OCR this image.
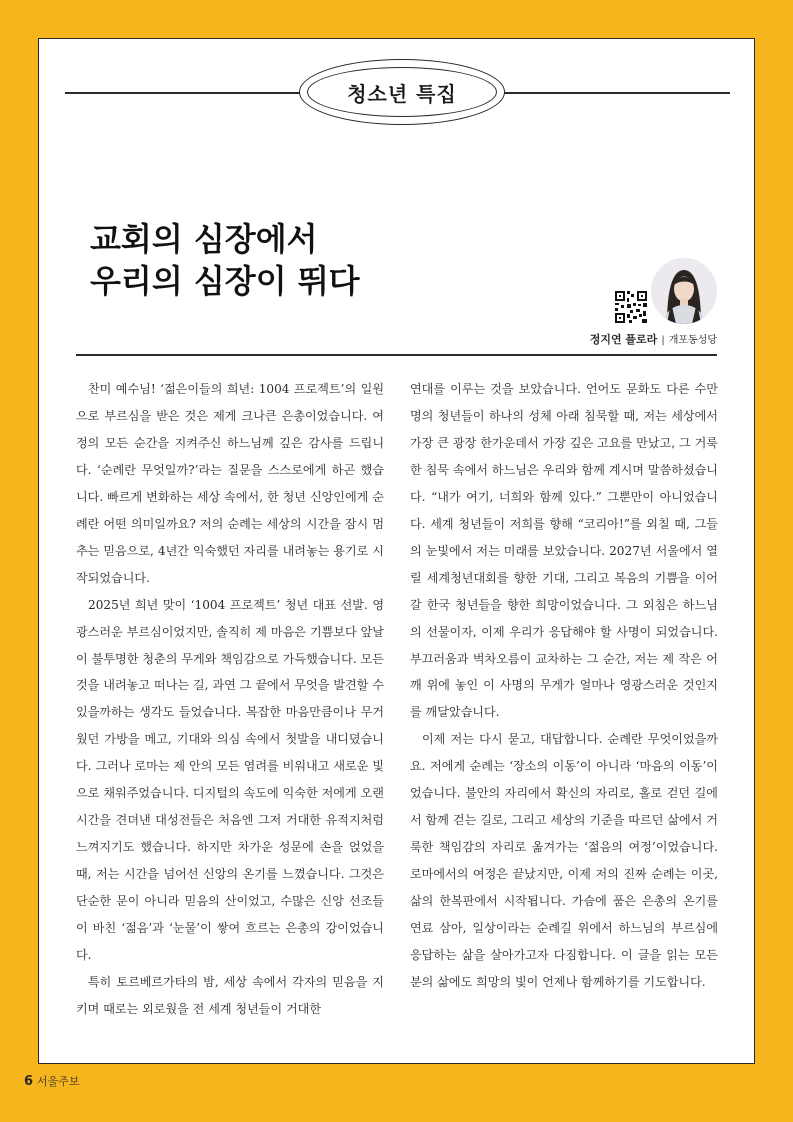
청소년 특집
교회의 심장에서
우리의 심장이 뛰다
정지연 플로라 | 개포동성당

찬미 예수님! ‘젊은이들의 희년: 1004 프로젝트’의 일원으로 부르심을 받은 것은 제게 크나큰 은총이었습니다. 여정의 모든 순간을 지켜주신 하느님께 깊은 감사를 드립니다. ‘순례란 무엇일까?’라는 질문을 스스로에게 하곤 했습니다. 빠르게 변화하는 세상 속에서, 한 청년 신앙인에게 순례란 어떤 의미일까요? 저의 순례는 세상의 시간을 잠시 멈추는 믿음으로, 4년간 익숙했던 자리를 내려놓는 용기로 시작되었습니다.

2025년 희년 맞이 ‘1004 프로젝트’ 청년 대표 선발. 영광스러운 부르심이었지만, 솔직히 제 마음은 기쁨보다 앞날이 불투명한 청춘의 무게와 책임감으로 가득했습니다. 모든 것을 내려놓고 떠나는 길, 과연 그 끝에서 무엇을 발견할 수 있을까하는 생각도 들었습니다. 복잡한 마음만큼이나 무거웠던 가방을 메고, 기대와 의심 속에서 첫발을 내디뎠습니다. 그러나 로마는 제 안의 모든 염려를 비워내고 새로운 빛으로 채워주었습니다. 디지털의 속도에 익숙한 저에게 오랜 시간을 견뎌낸 대성전들은 처음엔 그저 거대한 유적지처럼 느껴지기도 했습니다. 하지만 차가운 성문에 손을 얹었을 때, 저는 시간을 넘어선 신앙의 온기를 느꼈습니다. 그것은 단순한 문이 아니라 믿음의 산이었고, 수많은 신앙 선조들이 바친 ‘젊음’과 ‘눈물’이 쌓여 흐르는 은총의 강이었습니다.

특히 토르베르가타의 밤, 세상 속에서 각자의 믿음을 지키며 때로는 외로웠을 전 세계 청년들이 거대한

연대를 이루는 것을 보았습니다. 언어도 문화도 다른 수만 명의 청년들이 하나의 성체 아래 침묵할 때, 저는 세상에서 가장 큰 광장 한가운데서 가장 깊은 고요를 만났고, 그 거룩한 침묵 속에서 하느님은 우리와 함께 계시며 말씀하셨습니다. “내가 여기, 너희와 함께 있다.” 그뿐만이 아니었습니다. 세계 청년들이 저희를 향해 “코리아!”를 외칠 때, 그들의 눈빛에서 저는 미래를 보았습니다. 2027년 서울에서 열릴 세계청년대회를 향한 기대, 그리고 복음의 기쁨을 이어갈 한국 청년들을 향한 희망이었습니다. 그 외침은 하느님의 선물이자, 이제 우리가 응답해야 할 사명이 되었습니다. 부끄러움과 벅차오름이 교차하는 그 순간, 저는 제 작은 어깨 위에 놓인 이 사명의 무게가 얼마나 영광스러운 것인지를 깨달았습니다.

이제 저는 다시 묻고, 대답합니다. 순례란 무엇이었을까요. 저에게 순례는 ‘장소의 이동’이 아니라 ‘마음의 이동’이었습니다. 불안의 자리에서 확신의 자리로, 홀로 걷던 길에서 함께 걷는 길로, 그리고 세상의 기준을 따르던 삶에서 거룩한 책임감의 자리로 옮겨가는 ‘젊음의 여정’이었습니다. 로마에서의 여정은 끝났지만, 이제 저의 진짜 순례는 이곳, 삶의 한복판에서 시작됩니다. 가슴에 품은 은총의 온기를 연료 삼아, 일상이라는 순례길 위에서 하느님의 부르심에 응답하는 삶을 살아가고자 다짐합니다. 이 글을 읽는 모든 분의 삶에도 희망의 빛이 언제나 함께하기를 기도합니다.

6 서울주보
